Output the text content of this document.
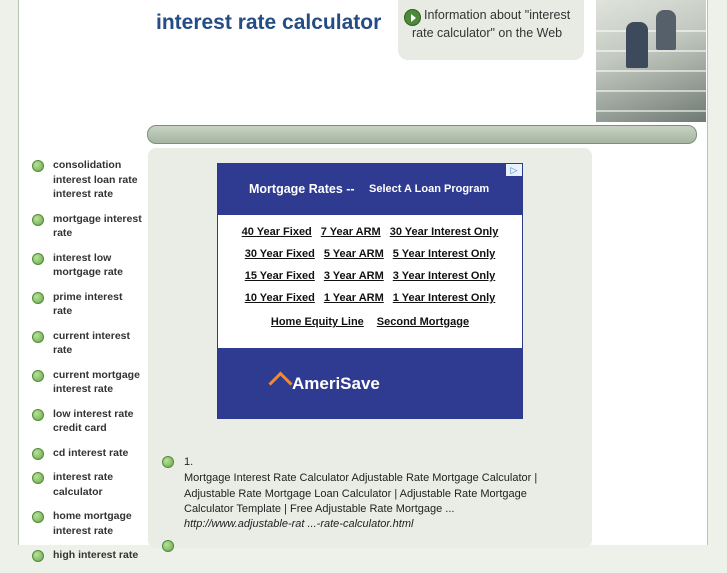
interest rate calculator	Information about "interest rate calculator" on the Web
consolidation interest loan rate interest rate
mortgage interest rate
interest low mortgage rate
prime interest rate
current interest rate
current mortgage interest rate
low interest rate credit card
cd interest rate
interest rate calculator
home mortgage interest rate
high interest rate
Mortgage Rates -- Select A Loan Program
▷
40 Year Fixed 7 Year ARM 30 Year Interest Only
30 Year Fixed 5 Year ARM 5 Year Interest Only
15 Year Fixed 3 Year ARM 3 Year Interest Only
10 Year Fixed 1 Year ARM 1 Year Interest Only
Home Equity Line Second Mortgage
AmeriSave
1.
Mortgage Interest Rate Calculator Adjustable Rate Mortgage Calculator | Adjustable Rate Mortgage Loan Calculator | Adjustable Rate Mortgage Calculator Template | Free Adjustable Rate Mortgage ...
http://www.adjustable-rat ...-rate-calculator.html
